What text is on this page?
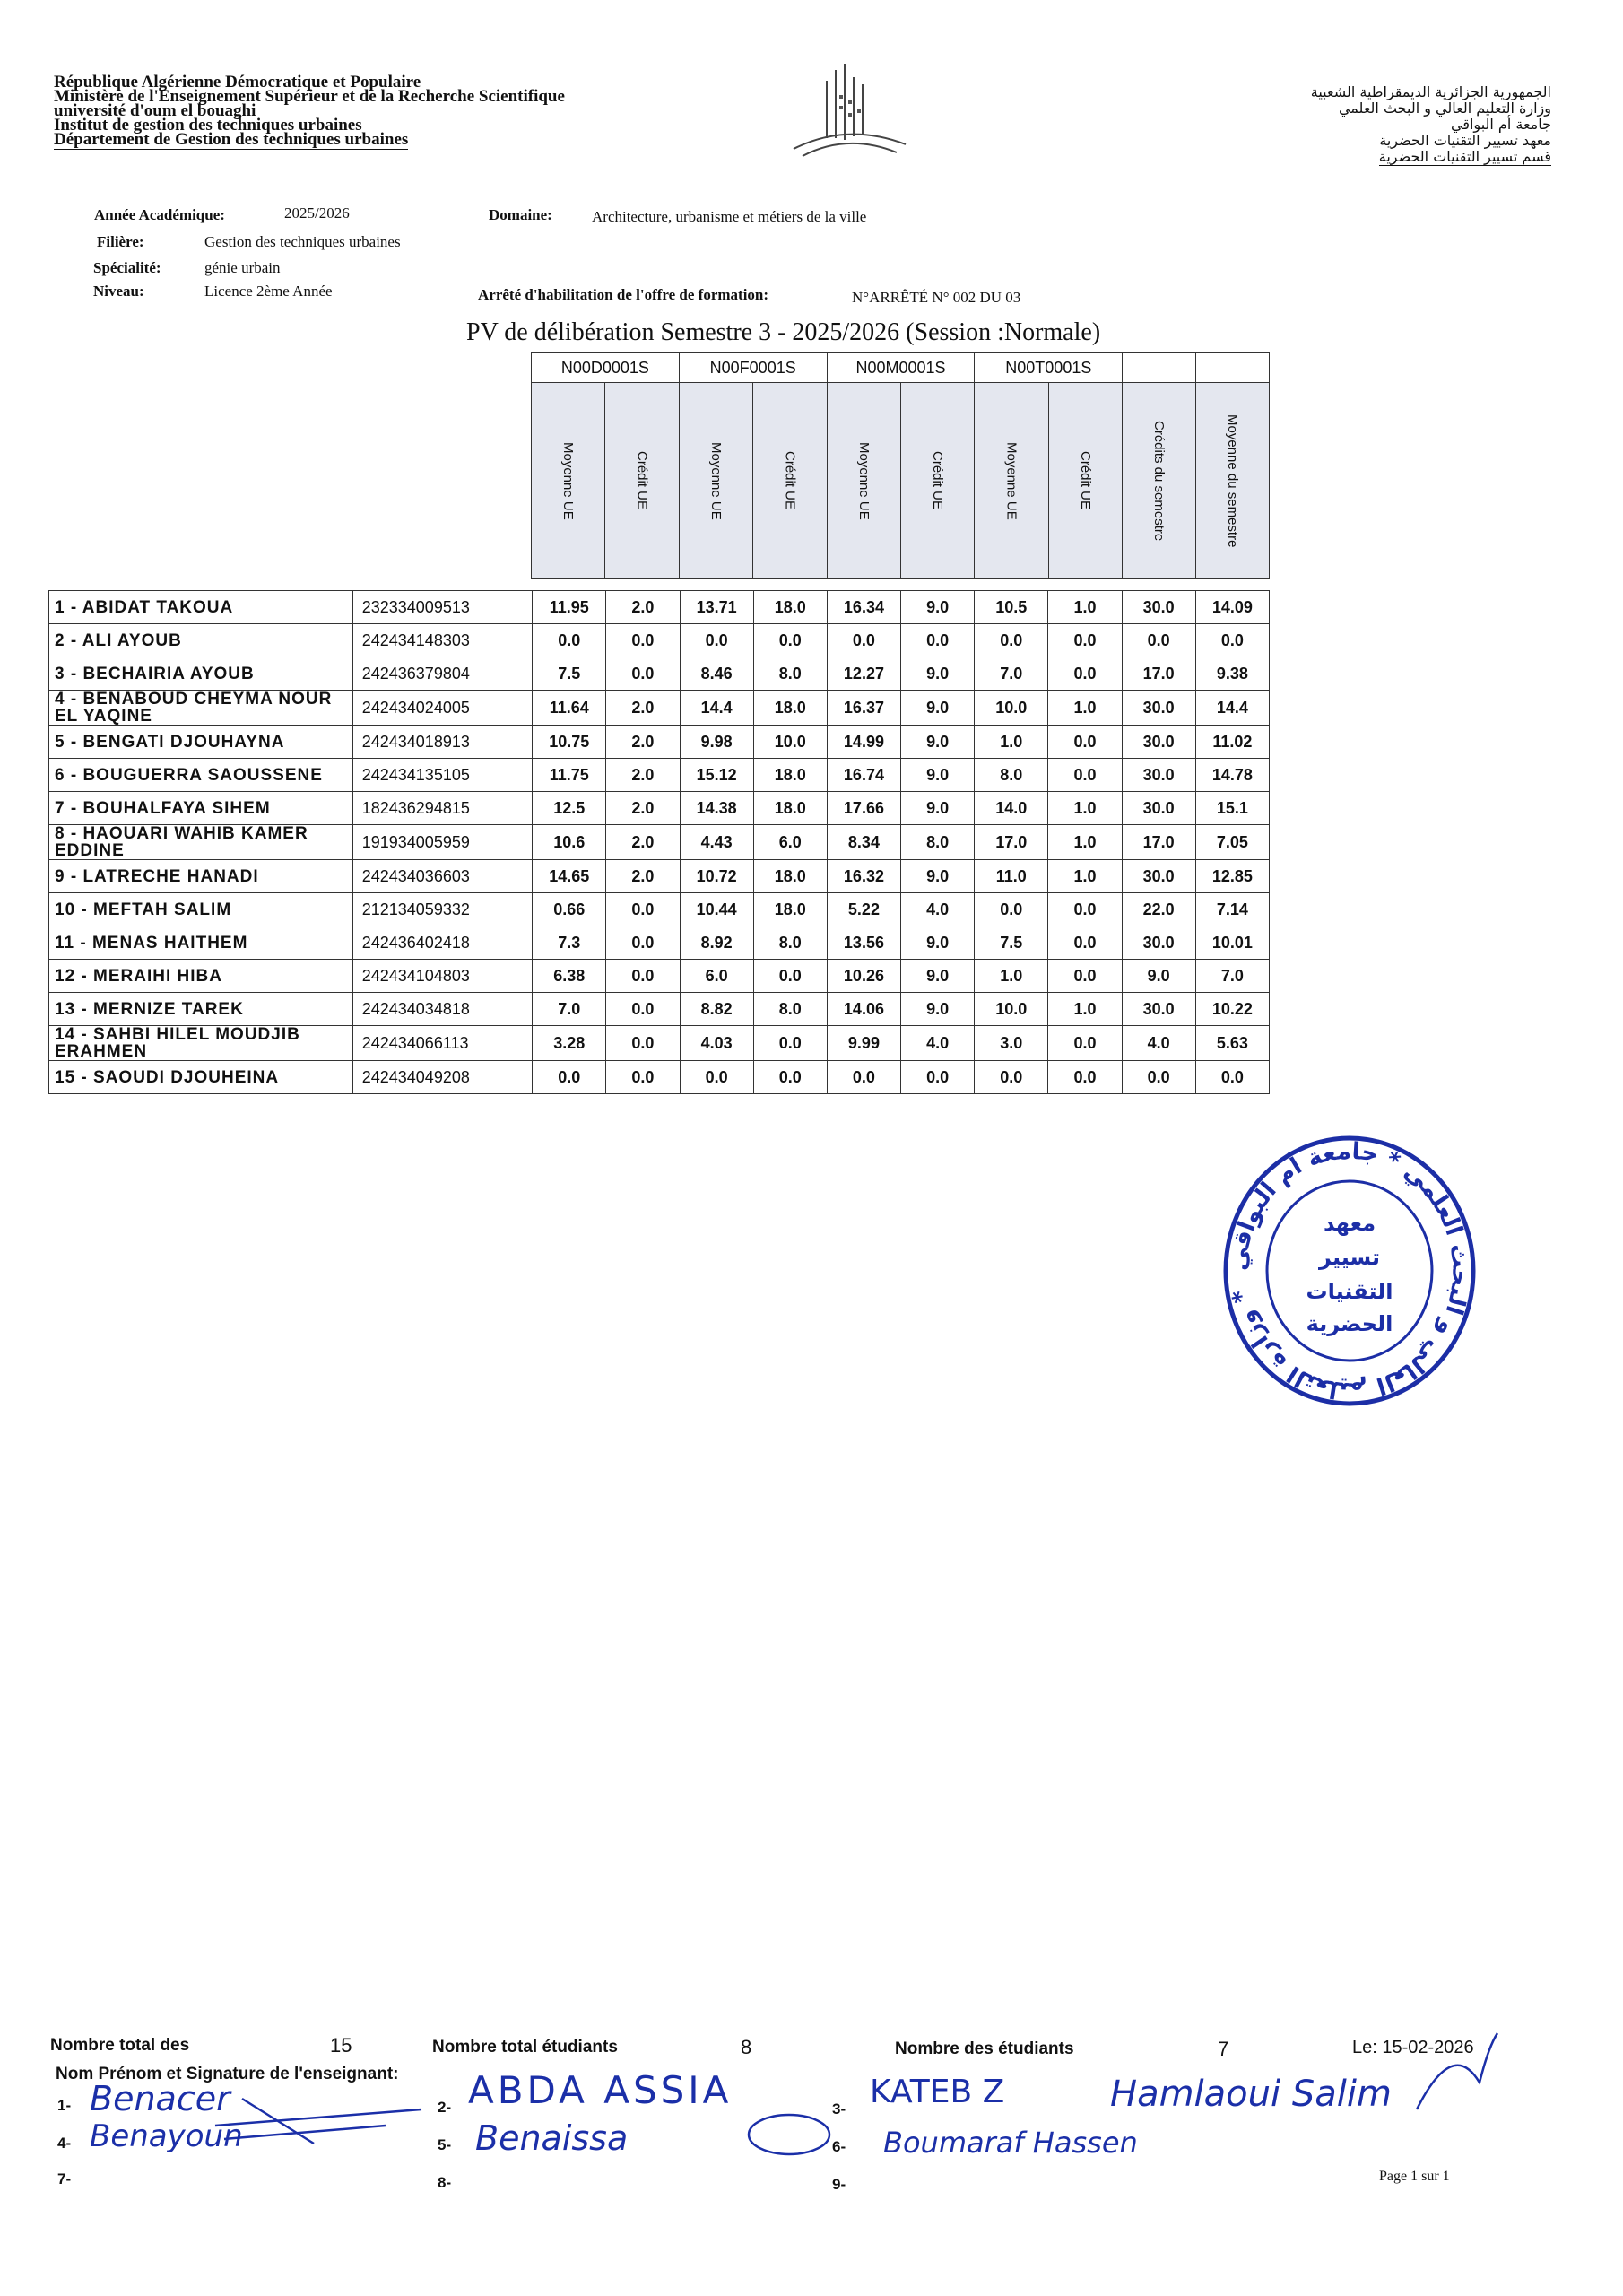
République Algérienne Démocratique et Populaire
Ministère de l'Enseignement Supérieur et de la Recherche Scientifique
université d'oum el bouaghi
Institut de gestion des techniques urbaines
Département de Gestion des techniques urbaines
الجمهورية الجزائرية الديمقراطية الشعبية
وزارة التعليم العالي و البحث العلمي
جامعة أم البواقي
معهد تسيير التقنيات الحضرية
قسم تسيير التقنيات الحضرية
Année Académique:	2025/2026	Domaine:	Architecture, urbanisme et métiers de la ville
Filière:	Gestion des techniques urbaines
Spécialité:	génie urbain
Niveau:	Licence 2ème Année	Arrêté d'habilitation de l'offre de formation:	N°ARRÊTÉ N° 002 DU 03
PV de délibération Semestre 3 - 2025/2026 (Session :Normale)
N00D0001S		N00F0001S		N00M0001S		N00T0001S			

Moyenne UE	Crédit UE	Moyenne UE	Crédit UE	Moyenne UE	Crédit UE	Moyenne UE	Crédit UE	Crédits du semestre	Moyenne du semestre
1 - ABIDAT TAKOUA	232334009513	11.95	2.0	13.71	18.0	16.34	9.0	10.5	1.0	30.0	14.09
2 - ALI AYOUB	242434148303	0.0	0.0	0.0	0.0	0.0	0.0	0.0	0.0	0.0	0.0
3 - BECHAIRIA AYOUB	242436379804	7.5	0.0	8.46	8.0	12.27	9.0	7.0	0.0	17.0	9.38
4 - BENABOUD CHEYMA NOUR EL YAQINE	242434024005	11.64	2.0	14.4	18.0	16.37	9.0	10.0	1.0	30.0	14.4
5 - BENGATI DJOUHAYNA	242434018913	10.75	2.0	9.98	10.0	14.99	9.0	1.0	0.0	30.0	11.02
6 - BOUGUERRA SAOUSSENE	242434135105	11.75	2.0	15.12	18.0	16.74	9.0	8.0	0.0	30.0	14.78
7 - BOUHALFAYA SIHEM	182436294815	12.5	2.0	14.38	18.0	17.66	9.0	14.0	1.0	30.0	15.1
8 - HAOUARI WAHIB KAMER EDDINE	191934005959	10.6	2.0	4.43	6.0	8.34	8.0	17.0	1.0	17.0	7.05
9 - LATRECHE HANADI	242434036603	14.65	2.0	10.72	18.0	16.32	9.0	11.0	1.0	30.0	12.85
10 - MEFTAH SALIM	212134059332	0.66	0.0	10.44	18.0	5.22	4.0	0.0	0.0	22.0	7.14
11 - MENAS HAITHEM	242436402418	7.3	0.0	8.92	8.0	13.56	9.0	7.5	0.0	30.0	10.01
12 - MERAIHI HIBA	242434104803	6.38	0.0	6.0	0.0	10.26	9.0	1.0	0.0	9.0	7.0
13 - MERNIZE TAREK	242434034818	7.0	0.0	8.82	8.0	14.06	9.0	10.0	1.0	30.0	10.22
14 - SAHBI HILEL MOUDJIB ERAHMEN	242434066113	3.28	0.0	4.03	0.0	9.99	4.0	3.0	0.0	4.0	5.63
15 - SAOUDI DJOUHEINA	242434049208	0.0	0.0	0.0	0.0	0.0	0.0	0.0	0.0	0.0	0.0
وزارة التعليم العالي و البحث العلمي * جامعة أم البواقي *
معهد
تسيير
التقنيات
الحضرية
Nombre total des	15	Nombre total étudiants	8	Nombre des étudiants	7	Le: 15-02-2026
Nom Prénom et Signature de l'enseignant:
1-	2-	3-
4-	5-	6-
7-	8-	9-
Benacer	ABDA ASSIA	KATEB Z	Hamlaoui Salim
Benayoun	Benaissa	Boumaraf Hassen
Page 1 sur 1
